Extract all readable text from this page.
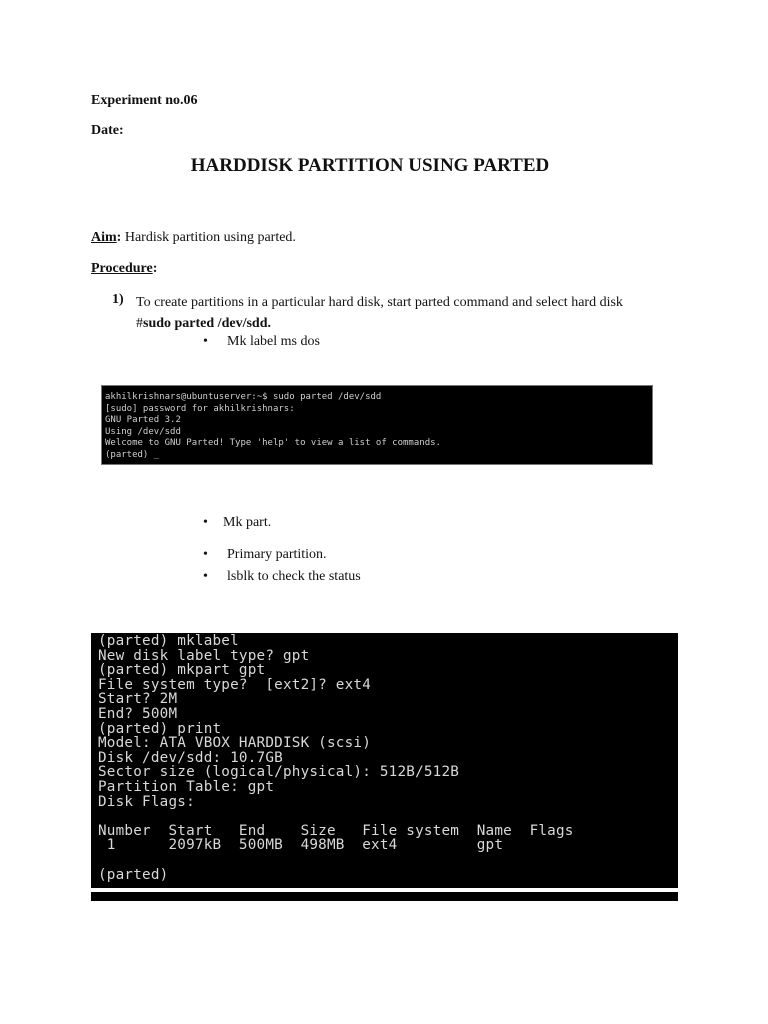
Experiment no.06
Date:
HARDDISK PARTITION USING PARTED
Aim: Hardisk partition using parted.
Procedure:
1) To create partitions in a particular hard disk, start parted command and select hard disk
#sudo parted /dev/sdd.
• Mk label ms dos
akhilkrishnars@ubuntuserver:~$ sudo parted /dev/sdd
[sudo] password for akhilkrishnars:
GNU Parted 3.2
Using /dev/sdd
Welcome to GNU Parted! Type 'help' to view a list of commands.
(parted) _
• Mk part.
• Primary partition.
• lsblk to check the status
(parted) mklabel
New disk label type? gpt
(parted) mkpart gpt
File system type?  [ext2]? ext4
Start? 2M
End? 500M
(parted) print
Model: ATA VBOX HARDDISK (scsi)
Disk /dev/sdd: 10.7GB
Sector size (logical/physical): 512B/512B
Partition Table: gpt
Disk Flags:

Number  Start   End    Size   File system  Name  Flags
1      2097kB  500MB  498MB  ext4         gpt

(parted)
